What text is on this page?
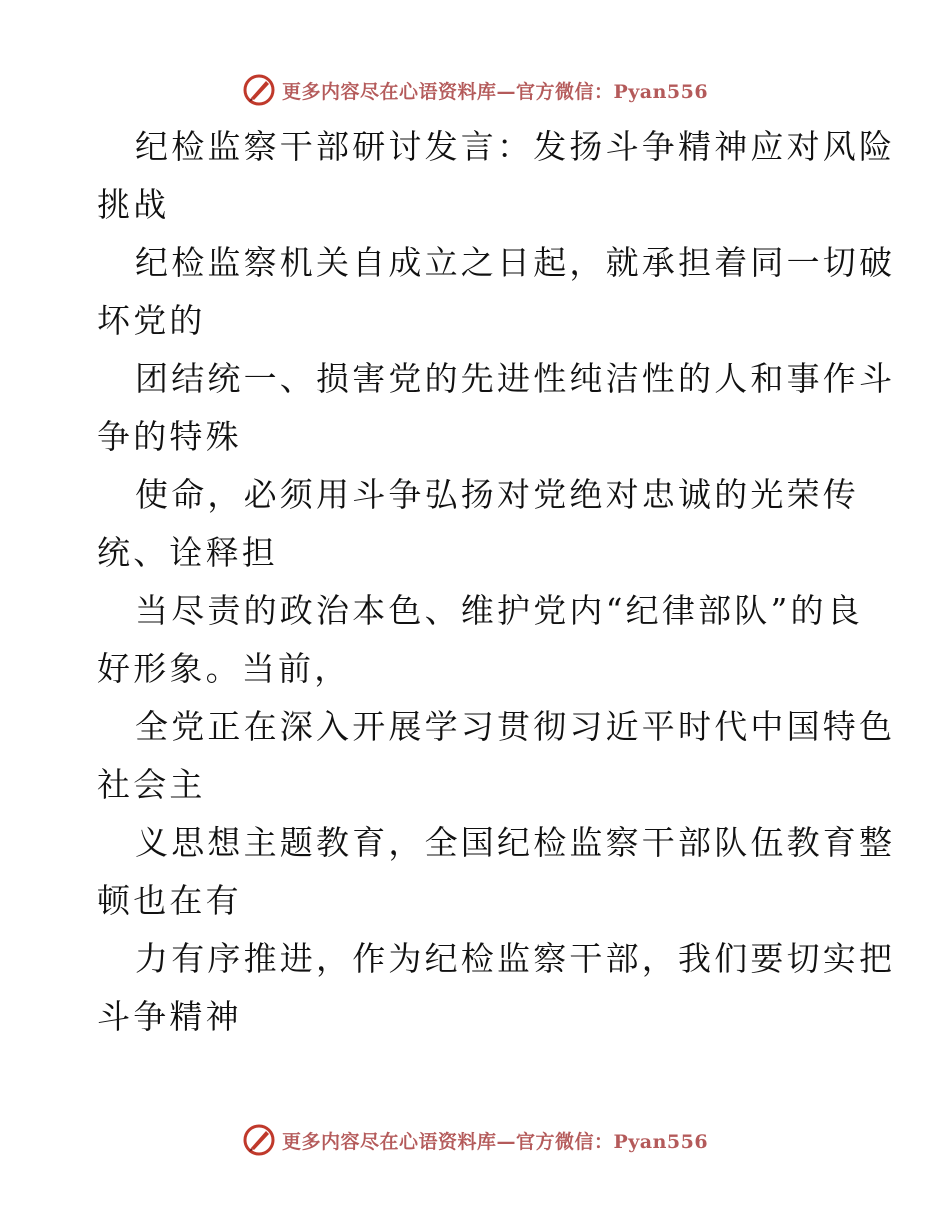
更多内容尽在心语资料库—官方微信：Pyan556
纪检监察干部研讨发言：发扬斗争精神应对风险
挑战
纪检监察机关自成立之日起，就承担着同一切破
坏党的
团结统一、损害党的先进性纯洁性的人和事作斗
争的特殊
使命，必须用斗争弘扬对党绝对忠诚的光荣传
统、诠释担
当尽责的政治本色、维护党内“纪律部队”的良
好形象。当前，
全党正在深入开展学习贯彻习近平时代中国特色
社会主
义思想主题教育，全国纪检监察干部队伍教育整
顿也在有
力有序推进，作为纪检监察干部，我们要切实把
斗争精神
更多内容尽在心语资料库—官方微信：Pyan556
